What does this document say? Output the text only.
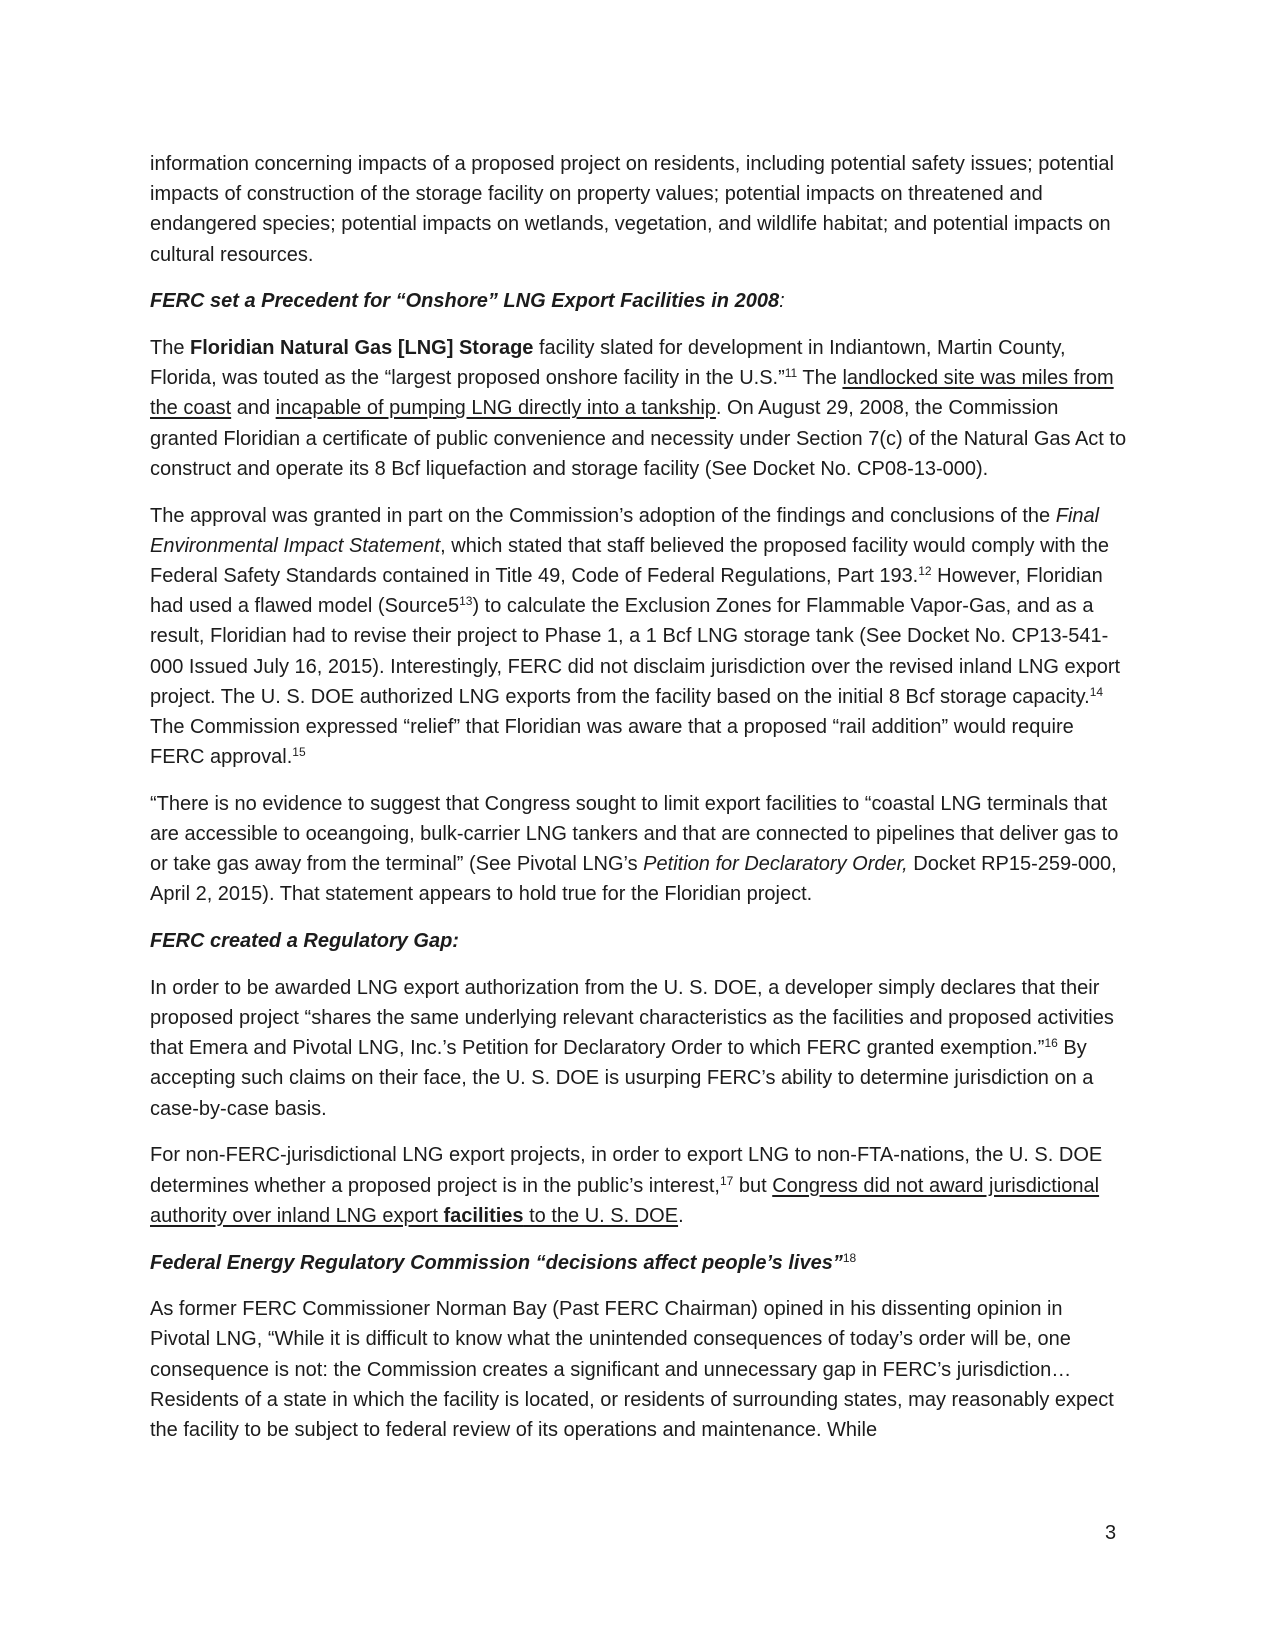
information concerning impacts of a proposed project on residents, including potential safety issues; potential impacts of construction of the storage facility on property values; potential impacts on threatened and endangered species; potential impacts on wetlands, vegetation, and wildlife habitat; and potential impacts on cultural resources.

FERC set a Precedent for “Onshore” LNG Export Facilities in 2008:

The Floridian Natural Gas [LNG] Storage facility slated for development in Indiantown, Martin County, Florida, was touted as the “largest proposed onshore facility in the U.S.”$^{11}$ The landlocked site was miles from the coast and incapable of pumping LNG directly into a tankship. On August 29, 2008, the Commission granted Floridian a certificate of public convenience and necessity under Section 7(c) of the Natural Gas Act to construct and operate its 8 Bcf liquefaction and storage facility (See Docket No. CP08-13-000).

The approval was granted in part on the Commission’s adoption of the findings and conclusions of the Final Environmental Impact Statement, which stated that staff believed the proposed facility would comply with the Federal Safety Standards contained in Title 49, Code of Federal Regulations, Part 193.12 However, Floridian had used a flawed model $(Source5^{13})$ to calculate the Exclusion Zones for Flammable Vapor-Gas, and as a result, Floridian had to revise their project to Phase 1, a 1 Bcf LNG storage tank (See Docket No. CP13-541-000 Issued July 16, 2015). Interestingly, FERC did not disclaim jurisdiction over the revised inland LNG export project. The U. S. DOE authorized LNG exports from the facility based on the initial 8 Bcf storage capacity.$^{14}$ The Commission expressed “relief” that Floridian was aware that a proposed “rail addition” would require FERC approval.$^{15}$

“There is no evidence to suggest that Congress sought to limit export facilities to “coastal LNG terminals that are accessible to oceangoing, bulk-carrier LNG tankers and that are connected to pipelines that deliver gas to or take gas away from the terminal” (See Pivotal LNG’s Petition for Declaratory Order, Docket RP15-259-000, April 2, 2015). That statement appears to hold true for the Floridian project.

FERC created a Regulatory Gap:

In order to be awarded LNG export authorization from the U. S. DOE, a developer simply declares that their proposed project “shares the same underlying relevant characteristics as the facilities and proposed activities that Emera and Pivotal LNG, Inc.’s Petition for Declaratory Order to which FERC granted exemption.”$^{16}$ By accepting such claims on their face, the U. S. DOE is usurping FERC’s ability to determine jurisdiction on a case-by-case basis.

For non-FERC-jurisdictional LNG export projects, in order to export LNG to non-FTA-nations, the U. S. DOE determines whether a proposed project is in the public’s interest,$^{17}$ but Congress did not award jurisdictional authority over inland LNG export facilities to the U. S. DOE.

Federal Energy Regulatory Commission “decisions affect people’s lives”$^{18}$

As former FERC Commissioner Norman Bay (Past FERC Chairman) opined in his dissenting opinion in Pivotal LNG, “While it is difficult to know what the unintended consequences of today’s order will be, one consequence is not: the Commission creates a significant and unnecessary gap in FERC’s jurisdiction… Residents of a state in which the facility is located, or residents of surrounding states, may reasonably expect the facility to be subject to federal review of its operations and maintenance. While

3
